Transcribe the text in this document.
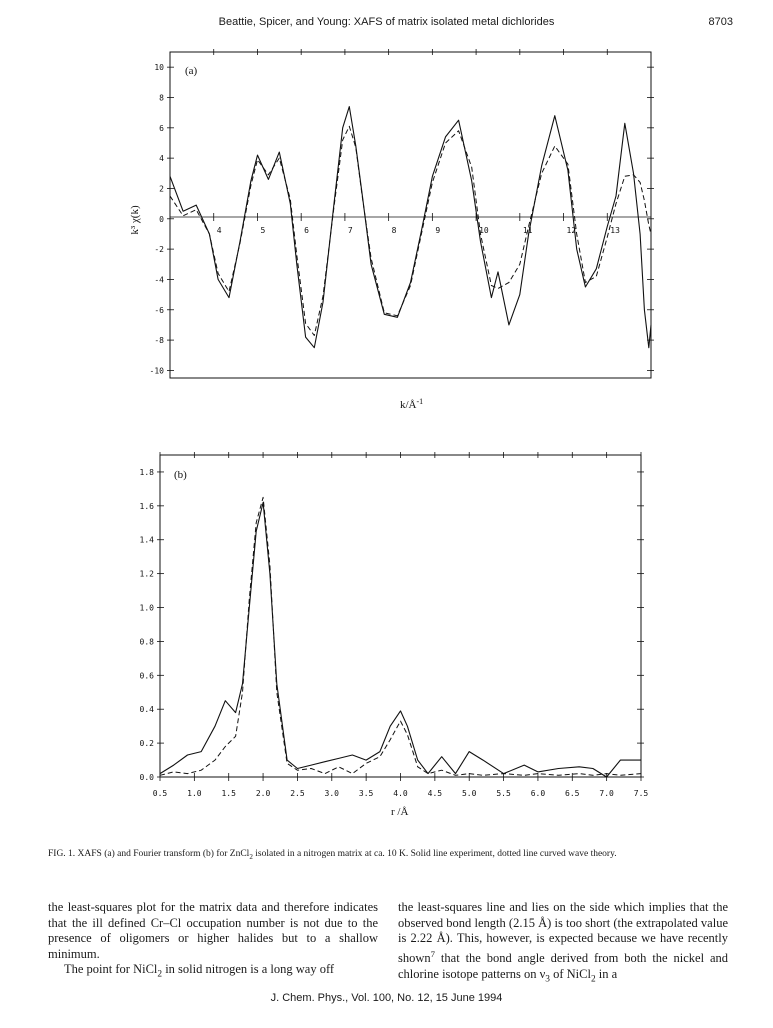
Beattie, Spicer, and Young: XAFS of matrix isolated metal dichlorides	8703
(a)
k³ χ(k)
$k/Å^{-1}$
10
8
6
4
2
0
-2
-4
-6
-8
-10
4	5	6	7	8	9	10	11	12	13
(b)
r /Å
0.0
0.2
0.4
0.6
0.8
1.0
1.2
1.4
1.6
1.8
0.5 1.0 1.5 2.0 2.5 3.0 3.5 4.0 4.5 5.0 5.5 6.0 6.5 7.0 7.5
FIG. 1. XAFS (a) and Fourier transform (b) for ZnCl$_2$ isolated in a nitrogen matrix at ca. 10 K. Solid line experiment, dotted line curved wave theory.

the least-squares plot for the matrix data and therefore indicates that the ill defined Cr–Cl occupation number is not due to the presence of oligomers or higher halides but to a shallow minimum.

The point for NiCl$_2$ in solid nitrogen is a long way off

the least-squares line and lies on the side which implies that the observed bond length (2.15 Å) is too short (the extrapolated value is 2.22 Å). This, however, is expected because we have recently shown$^7$ that the bond angle derived from both the nickel and chlorine isotope patterns on $\nu_3$ of NiCl$_2$ in a

J. Chem. Phys., Vol. 100, No. 12, 15 June 1994
